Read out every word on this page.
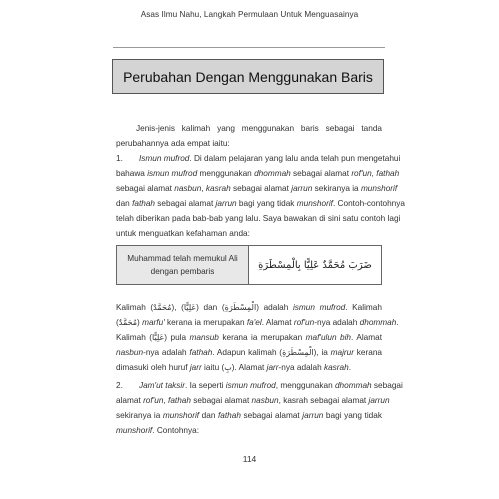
Asas Ilmu Nahu, Langkah Permulaan Untuk Menguasainya
Perubahan Dengan Menggunakan Baris
Jenis-jenis kalimah yang menggunakan baris sebagai tanda
perubahannya ada empat iaitu:
1. Ismun mufrod. Di dalam pelajaran yang lalu anda telah pun mengetahui
bahawa ismun mufrod menggunakan dhommah sebagai alamat rof'un, fathah
sebagai alamat nasbun, kasrah sebagai alamat jarrun sekiranya ia munshorif
dan fathah sebagai alamat jarrun bagi yang tidak munshorif. Contoh-contohnya
telah diberikan pada bab-bab yang lalu. Saya bawakan di sini satu contoh lagi
untuk menguatkan kefahaman anda:
Muhammad telah memukul Ali
dengan pembaris
ضَرَبَ مُحَمَّدٌ عَلِيًّا بِالْمِسْطَرَةِ
Kalimah (مُحَمَّدٌ), (عَلِيًّا) dan (الْمِسْطَرَةِ) adalah ismun mufrod. Kalimah
(مُحَمَّدٌ) marfu' kerana ia merupakan fa'el. Alamat rof'un-nya adalah dhommah.
Kalimah (عَلِيًّا) pula mansub kerana ia merupakan maf'ulun bih. Alamat
nasbun-nya adalah fathah. Adapun kalimah (الْمِسْطَرَةِ), ia majrur kerana
dimasuki oleh huruf jarr iaitu (بِ). Alamat jarr-nya adalah kasrah.
2. Jam'ut taksir. Ia seperti ismun mufrod, menggunakan dhommah sebagai
alamat rof'un, fathah sebagai alamat nasbun, kasrah sebagai alamat jarrun
sekiranya ia munshorif dan fathah sebagai alamat jarrun bagi yang tidak
munshorif. Contohnya:
114
